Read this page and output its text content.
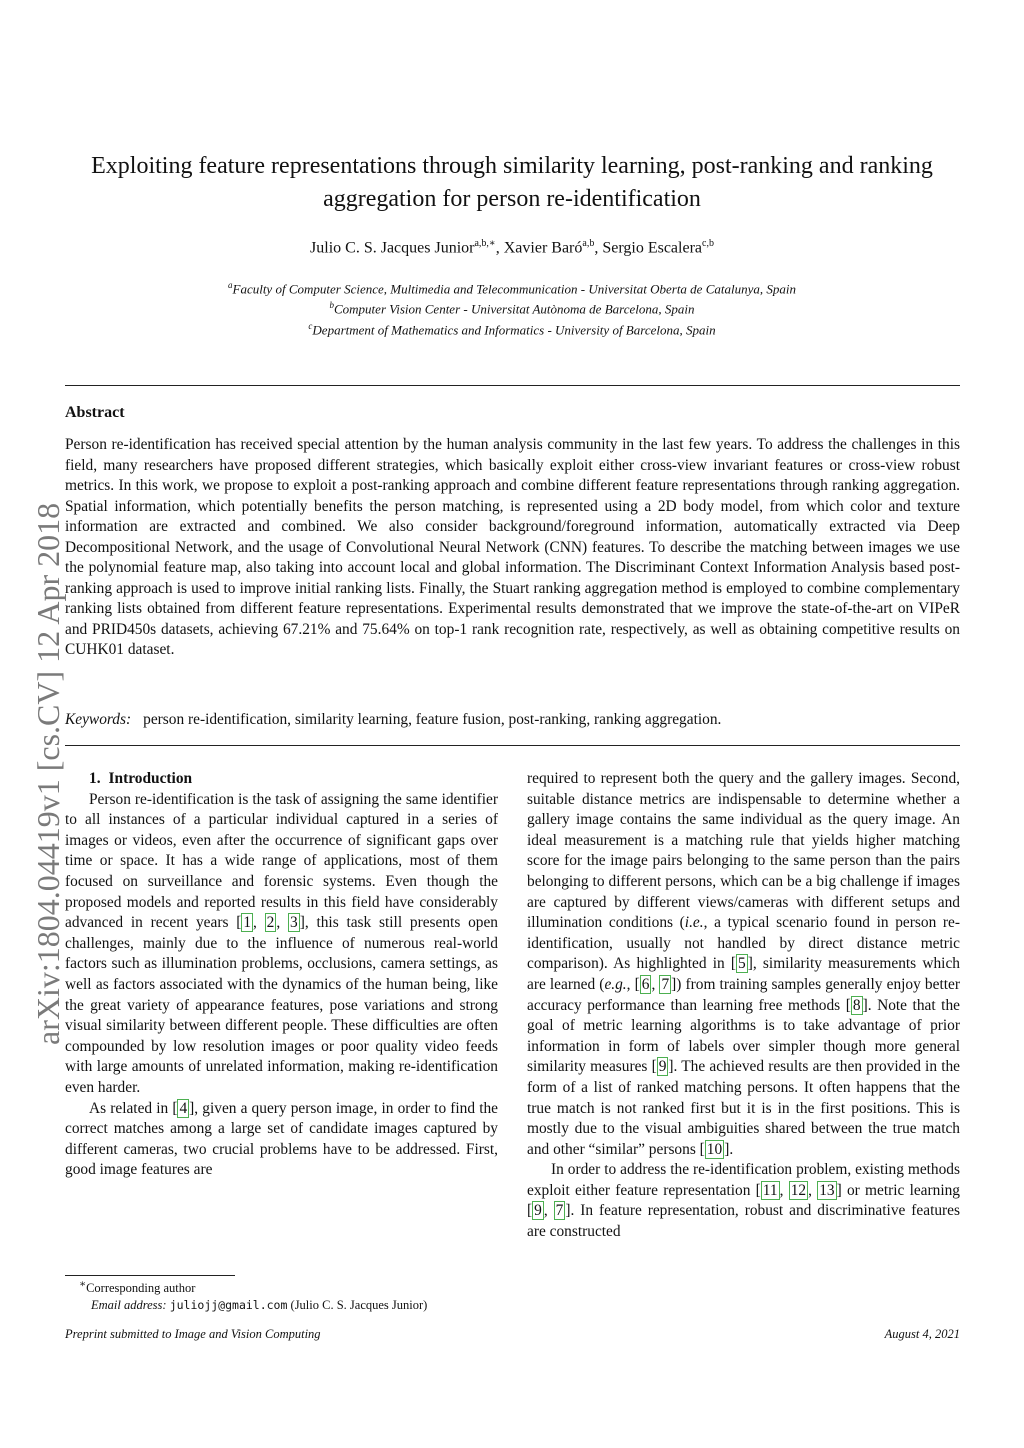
arXiv:1804.04419v1 [cs.CV] 12 Apr 2018
Exploiting feature representations through similarity learning, post-ranking and ranking aggregation for person re-identification
Julio C. S. Jacques Junior$^{a,b,∗}$, Xavier Baró$^{a,b}$, Sergio Escalera$^{c,b}$
$^a$Faculty of Computer Science, Multimedia and Telecommunication - Universitat Oberta de Catalunya, Spain
$^b$Computer Vision Center - Universitat Autònoma de Barcelona, Spain
$^c$Department of Mathematics and Informatics - University of Barcelona, Spain
Abstract

Person re-identification has received special attention by the human analysis community in the last few years. To address the challenges in this field, many researchers have proposed different strategies, which basically exploit either cross-view invariant features or cross-view robust metrics. In this work, we propose to exploit a post-ranking approach and combine different feature representations through ranking aggregation. Spatial information, which potentially benefits the person matching, is represented using a 2D body model, from which color and texture information are extracted and combined. We also consider background/foreground information, automatically extracted via Deep Decompositional Network, and the usage of Convolutional Neural Network (CNN) features. To describe the matching between images we use the polynomial feature map, also taking into account local and global information. The Discriminant Context Information Analysis based post-ranking approach is used to improve initial ranking lists. Finally, the Stuart ranking aggregation method is employed to combine complementary ranking lists obtained from different feature representations. Experimental results demonstrated that we improve the state-of-the-art on VIPeR and PRID450s datasets, achieving 67.21% and 75.64% on top-1 rank recognition rate, respectively, as well as obtaining competitive results on CUHK01 dataset.

Keywords: person re-identification, similarity learning, feature fusion, post-ranking, ranking aggregation.

1. Introduction

Person re-identification is the task of assigning the same identifier to all instances of a particular individual captured in a series of images or videos, even after the occurrence of significant gaps over time or space. It has a wide range of applications, most of them focused on surveillance and forensic systems. Even though the proposed models and reported results in this field have considerably advanced in recent years [ 1 , 2 , 3 ], this task still presents open challenges, mainly due to the influence of numerous real-world factors such as illumination problems, occlusions, camera settings, as well as factors associated with the dynamics of the human being, like the great variety of appearance features, pose variations and strong visual similarity between different people. These difficulties are often compounded by low resolution images or poor quality video feeds with large amounts of unrelated information, making re-identification even harder.

As related in [ 4 ], given a query person image, in order to find the correct matches among a large set of candidate images captured by different cameras, two crucial problems have to be addressed. First, good image features are

required to represent both the query and the gallery images. Second, suitable distance metrics are indispensable to determine whether a gallery image contains the same individual as the query image. An ideal measurement is a matching rule that yields higher matching score for the image pairs belonging to the same person than the pairs belonging to different persons, which can be a big challenge if images are captured by different views/cameras with different setups and illumination conditions (i.e., a typical scenario found in person re-identification, usually not handled by direct distance metric comparison). As highlighted in [ 5 ], similarity measurements which are learned (e.g., [ 6 , 7 ]) from training samples generally enjoy better accuracy performance than learning free methods [ 8 ]. Note that the goal of metric learning algorithms is to take advantage of prior information in form of labels over simpler though more general similarity measures [ 9 ]. The achieved results are then provided in the form of a list of ranked matching persons. It often happens that the true match is not ranked first but it is in the first positions. This is mostly due to the visual ambiguities shared between the true match and other “similar” persons [ 10 ].

In order to address the re-identification problem, existing methods exploit either feature representation [ 11 , 12 , 13 ] or metric learning [ 9 , 7 ]. In feature representation, robust and discriminative features are constructed

∗Corresponding author
Email address: juliojj@gmail.com (Julio C. S. Jacques Junior)
Preprint submitted to Image and Vision Computing	August 4, 2021
